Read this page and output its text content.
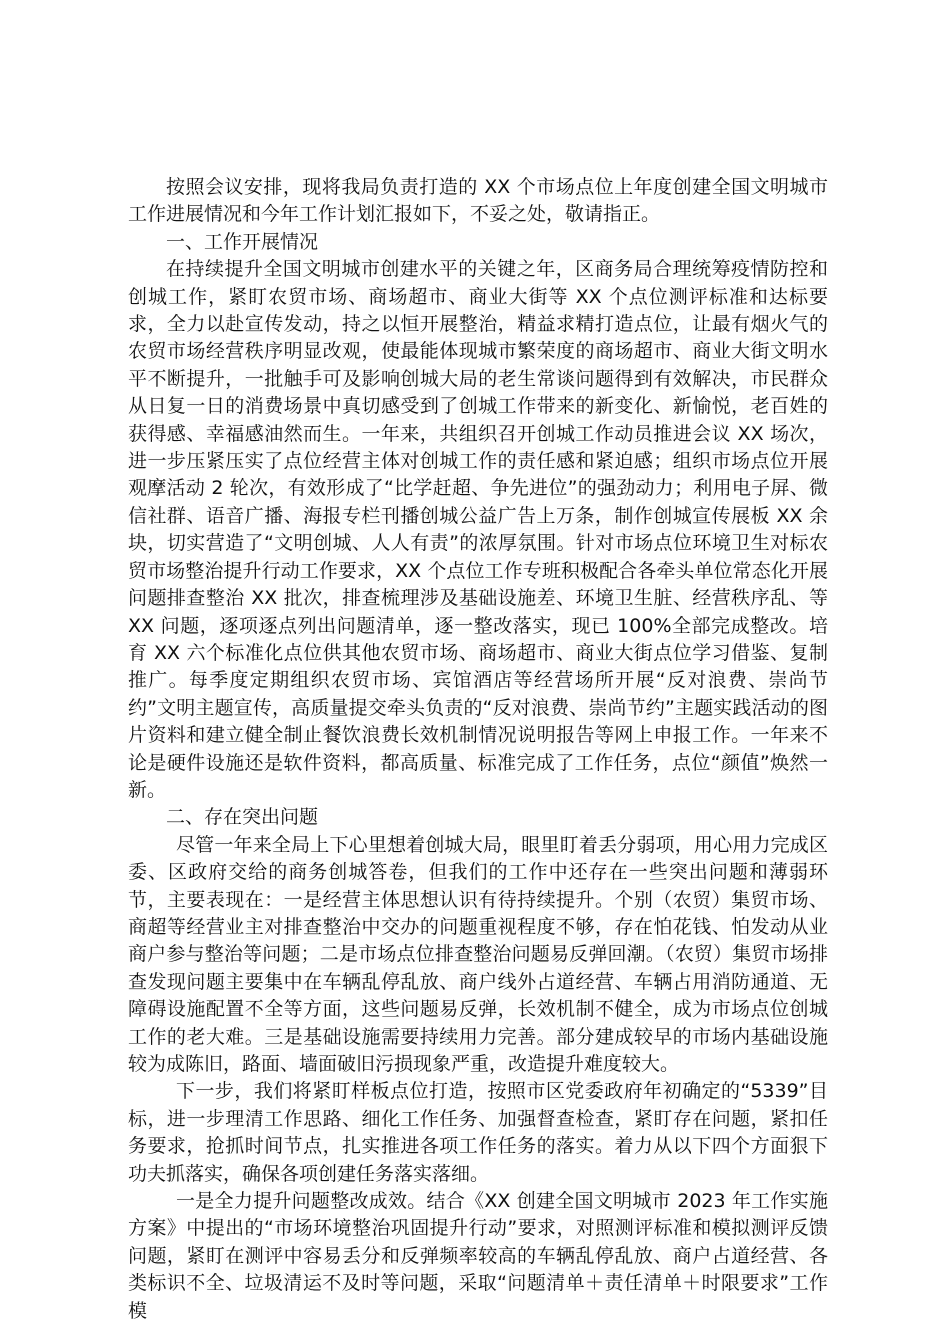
按照会议安排，现将我局负责打造的 XX 个市场点位上年度创建全国文明城市工作进展情况和今年工作计划汇报如下，不妥之处，敬请指正。

一、工作开展情况

在持续提升全国文明城市创建水平的关键之年，区商务局合理统筹疫情防控和创城工作，紧盯农贸市场、商场超市、商业大街等 XX 个点位测评标准和达标要求，全力以赴宣传发动，持之以恒开展整治，精益求精打造点位，让最有烟火气的农贸市场经营秩序明显改观，使最能体现城市繁荣度的商场超市、商业大街文明水平不断提升，一批触手可及影响创城大局的老生常谈问题得到有效解决，市民群众从日复一日的消费场景中真切感受到了创城工作带来的新变化、新愉悦，老百姓的获得感、幸福感油然而生。一年来，共组织召开创城工作动员推进会议 XX 场次，进一步压紧压实了点位经营主体对创城工作的责任感和紧迫感；组织市场点位开展观摩活动 2 轮次，有效形成了“比学赶超、争先进位”的强劲动力；利用电子屏、微信社群、语音广播、海报专栏刊播创城公益广告上万条，制作创城宣传展板 XX 余块，切实营造了“文明创城、人人有责”的浓厚氛围。针对市场点位环境卫生对标农贸市场整治提升行动工作要求，XX 个点位工作专班积极配合各牵头单位常态化开展问题排查整治 XX 批次，排查梳理涉及基础设施差、环境卫生脏、经营秩序乱、等 XX 问题，逐项逐点列出问题清单，逐一整改落实，现已 100%全部完成整改。培育 XX 六个标准化点位供其他农贸市场、商场超市、商业大街点位学习借鉴、复制推广。每季度定期组织农贸市场、宾馆酒店等经营场所开展“反对浪费、崇尚节约”文明主题宣传，高质量提交牵头负责的“反对浪费、崇尚节约”主题实践活动的图片资料和建立健全制止餐饮浪费长效机制情况说明报告等网上申报工作。一年来不论是硬件设施还是软件资料，都高质量、标准完成了工作任务，点位“颜值”焕然一新。

二、存在突出问题

尽管一年来全局上下心里想着创城大局，眼里盯着丢分弱项，用心用力完成区委、区政府交给的商务创城答卷，但我们的工作中还存在一些突出问题和薄弱环节，主要表现在：一是经营主体思想认识有待持续提升。个别（农贸）集贸市场、商超等经营业主对排查整治中交办的问题重视程度不够，存在怕花钱、怕发动从业商户参与整治等问题；二是市场点位排查整治问题易反弹回潮。（农贸）集贸市场排查发现问题主要集中在车辆乱停乱放、商户线外占道经营、车辆占用消防通道、无障碍设施配置不全等方面，这些问题易反弹，长效机制不健全，成为市场点位创城工作的老大难。三是基础设施需要持续用力完善。部分建成较早的市场内基础设施较为成陈旧，路面、墙面破旧污损现象严重，改造提升难度较大。

下一步，我们将紧盯样板点位打造，按照市区党委政府年初确定的“5339”目标，进一步理清工作思路、细化工作任务、加强督查检查，紧盯存在问题，紧扣任务要求，抢抓时间节点，扎实推进各项工作任务的落实。着力从以下四个方面狠下功夫抓落实，确保各项创建任务落实落细。

一是全力提升问题整改成效。结合《XX 创建全国文明城市 2023 年工作实施方案》中提出的“市场环境整治巩固提升行动”要求，对照测评标准和模拟测评反馈问题，紧盯在测评中容易丢分和反弹频率较高的车辆乱停乱放、商户占道经营、各类标识不全、垃圾清运不及时等问题，采取“问题清单＋责任清单＋时限要求”工作模
